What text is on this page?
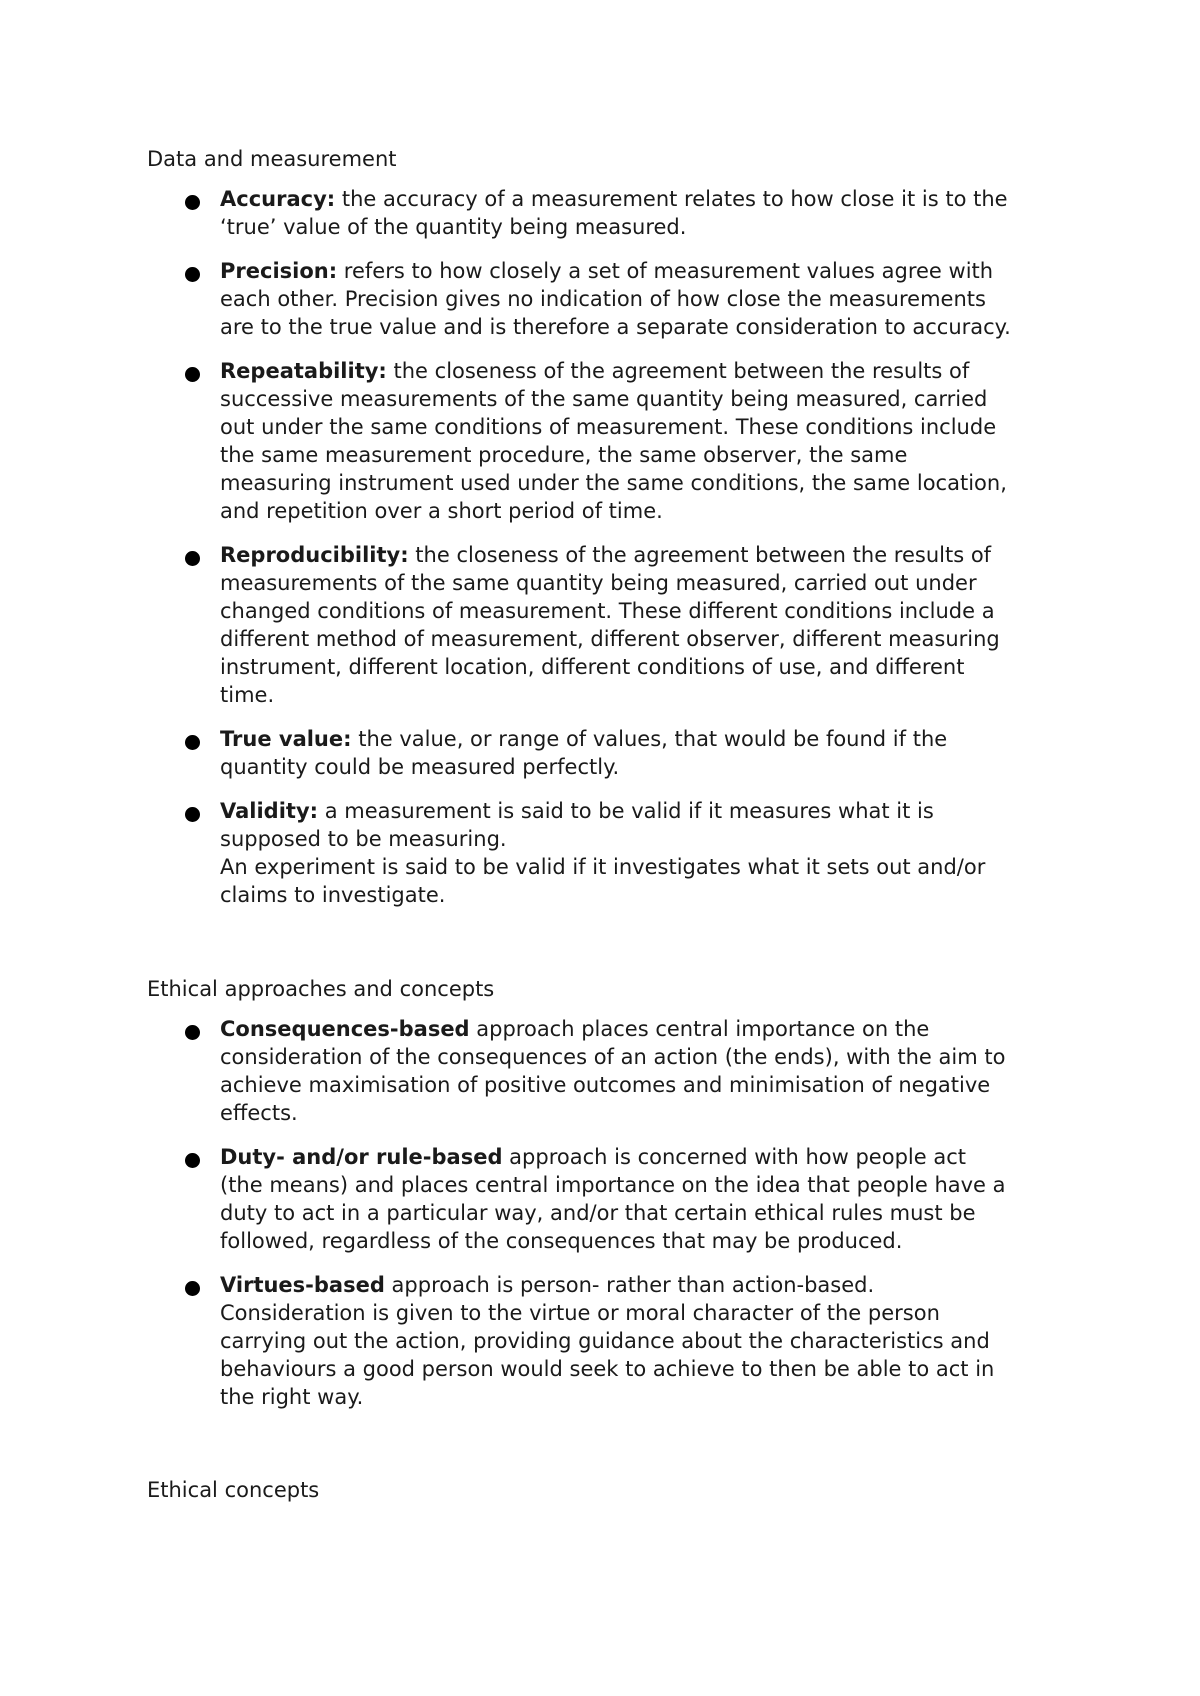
Data and measurement
Accuracy: the accuracy of a measurement relates to how close it is to the
‘true’ value of the quantity being measured.
Precision: refers to how closely a set of measurement values agree with
each other. Precision gives no indication of how close the measurements
are to the true value and is therefore a separate consideration to accuracy.
Repeatability: the closeness of the agreement between the results of
successive measurements of the same quantity being measured, carried
out under the same conditions of measurement. These conditions include
the same measurement procedure, the same observer, the same
measuring instrument used under the same conditions, the same location,
and repetition over a short period of time.
Reproducibility: the closeness of the agreement between the results of
measurements of the same quantity being measured, carried out under
changed conditions of measurement. These different conditions include a
different method of measurement, different observer, different measuring
instrument, different location, different conditions of use, and different
time.
True value: the value, or range of values, that would be found if the
quantity could be measured perfectly.
Validity: a measurement is said to be valid if it measures what it is
supposed to be measuring.
An experiment is said to be valid if it investigates what it sets out and/or
claims to investigate.
Ethical approaches and concepts
Consequences-based approach places central importance on the
consideration of the consequences of an action (the ends), with the aim to
achieve maximisation of positive outcomes and minimisation of negative
effects.
Duty- and/or rule-based approach is concerned with how people act
(the means) and places central importance on the idea that people have a
duty to act in a particular way, and/or that certain ethical rules must be
followed, regardless of the consequences that may be produced.
Virtues-based approach is person- rather than action-based.
Consideration is given to the virtue or moral character of the person
carrying out the action, providing guidance about the characteristics and
behaviours a good person would seek to achieve to then be able to act in
the right way.
Ethical concepts
